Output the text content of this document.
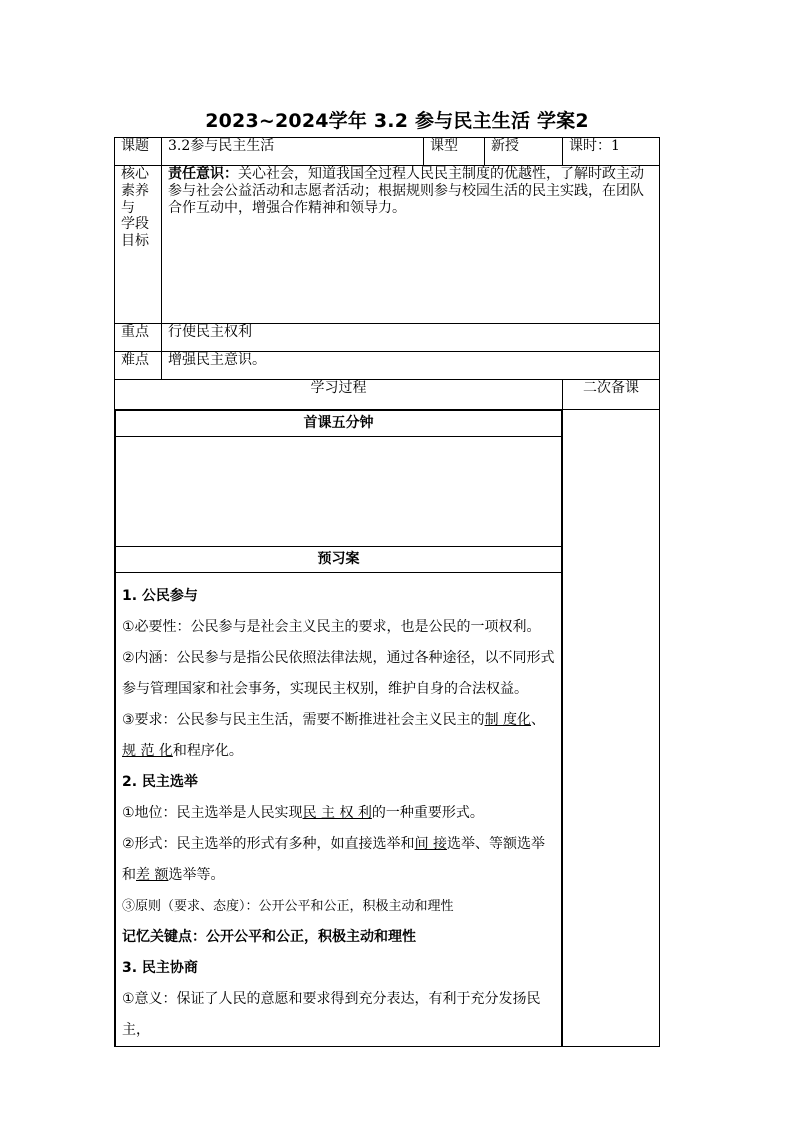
2023~2024学年 3.2 参与民主生活 学案2
课题	3.2参与民主生活	课型	新授	课时：1

核心
素养
与
学段
目标
	责任意识：关心社会，知道我国全过程人民民主制度的优越性，了解时政主动参与社会公益活动和志愿者活动；根据规则参与校园生活的民主实践，在团队合作互动中，增强合作精神和领导力。
重点	行使民主权利
难点	增强民主意识。
学习过程	二次备课

首课五分钟

预习案

1. 公民参与

①必要性：公民参与是社会主义民主的要求，也是公民的一项权利。

②内涵：公民参与是指公民依照法律法规，通过各种途径，以不同形式参与管理国家和社会事务，实现民主权别，维护自身的合法权益。

③要求：公民参与民主生活，需要不断推进社会主义民主的制 度化、规 范 化和程序化。

2. 民主选举

①地位：民主选举是人民实现民 主 权 利的一种重要形式。

②形式：民主选举的形式有多种，如直接选举和间 接选举、等额选举和差 额选举等。

③原则（要求、态度）：公开公平和公正，积极主动和理性

记忆关键点：公开公平和公正，积极主动和理性

3. 民主协商

①意义：保证了人民的意愿和要求得到充分表达，有利于充分发扬民主，
